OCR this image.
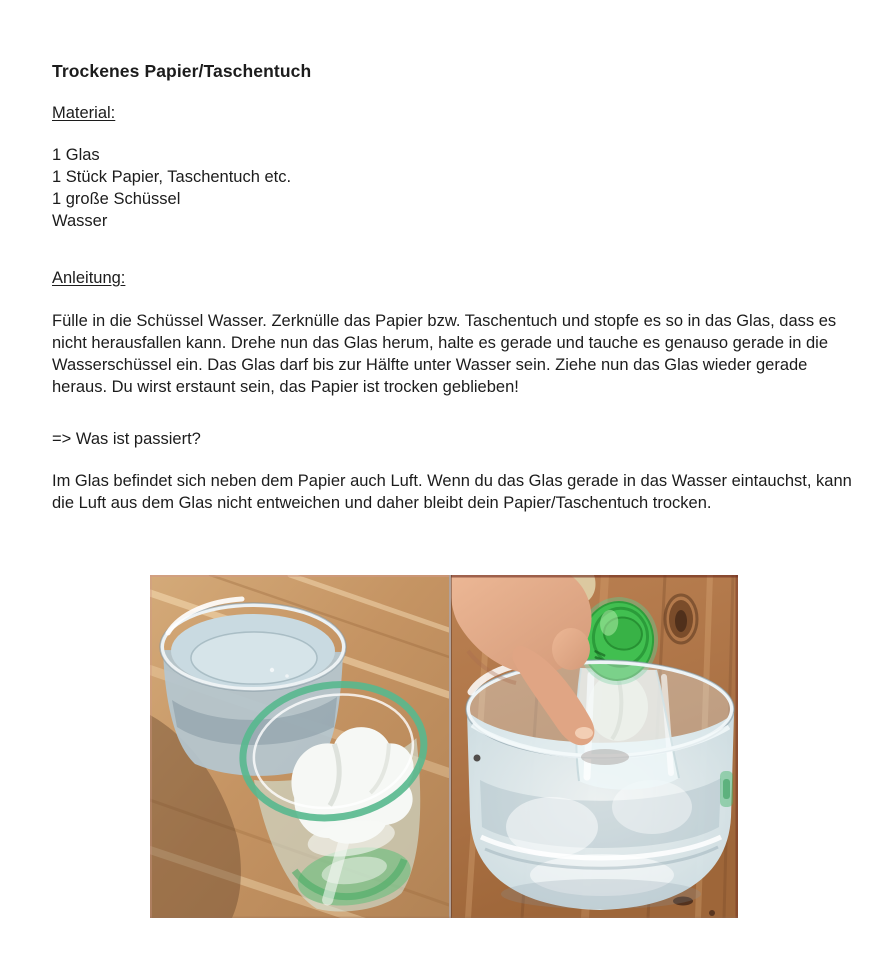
Trockenes Papier/Taschentuch
Material:
1 Glas
1 Stück Papier, Taschentuch etc.
1 große Schüssel
Wasser
Anleitung:

Fülle in die Schüssel Wasser. Zerknülle das Papier bzw. Taschentuch und stopfe es so in das Glas, dass es nicht herausfallen kann. Drehe nun das Glas herum, halte es gerade und tauche es genauso gerade in die Wasserschüssel ein. Das Glas darf bis zur Hälfte unter Wasser sein. Ziehe nun das Glas wieder gerade heraus. Du wirst erstaunt sein, das Papier ist trocken geblieben!

=> Was ist passiert?

Im Glas befindet sich neben dem Papier auch Luft. Wenn du das Glas gerade in das Wasser eintauchst, kann die Luft aus dem Glas nicht entweichen und daher bleibt dein Papier/Taschentuch trocken.
